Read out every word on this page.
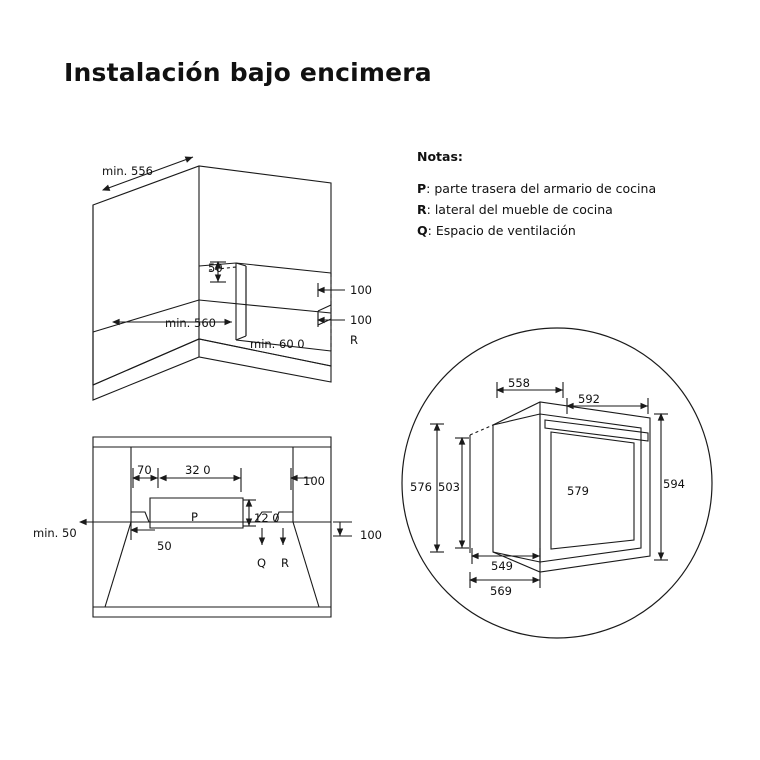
Instalación bajo encimera
Notas:
P: parte trasera del armario de cocina
R: lateral del mueble de cocina
Q: Espacio de ventilación
min. 556
50
min. 560
min. 60 0
100
100
R
70	32 0
100
P	12 0
min. 50
50
Q R
100
558
592
576 503	579	594
549
569
